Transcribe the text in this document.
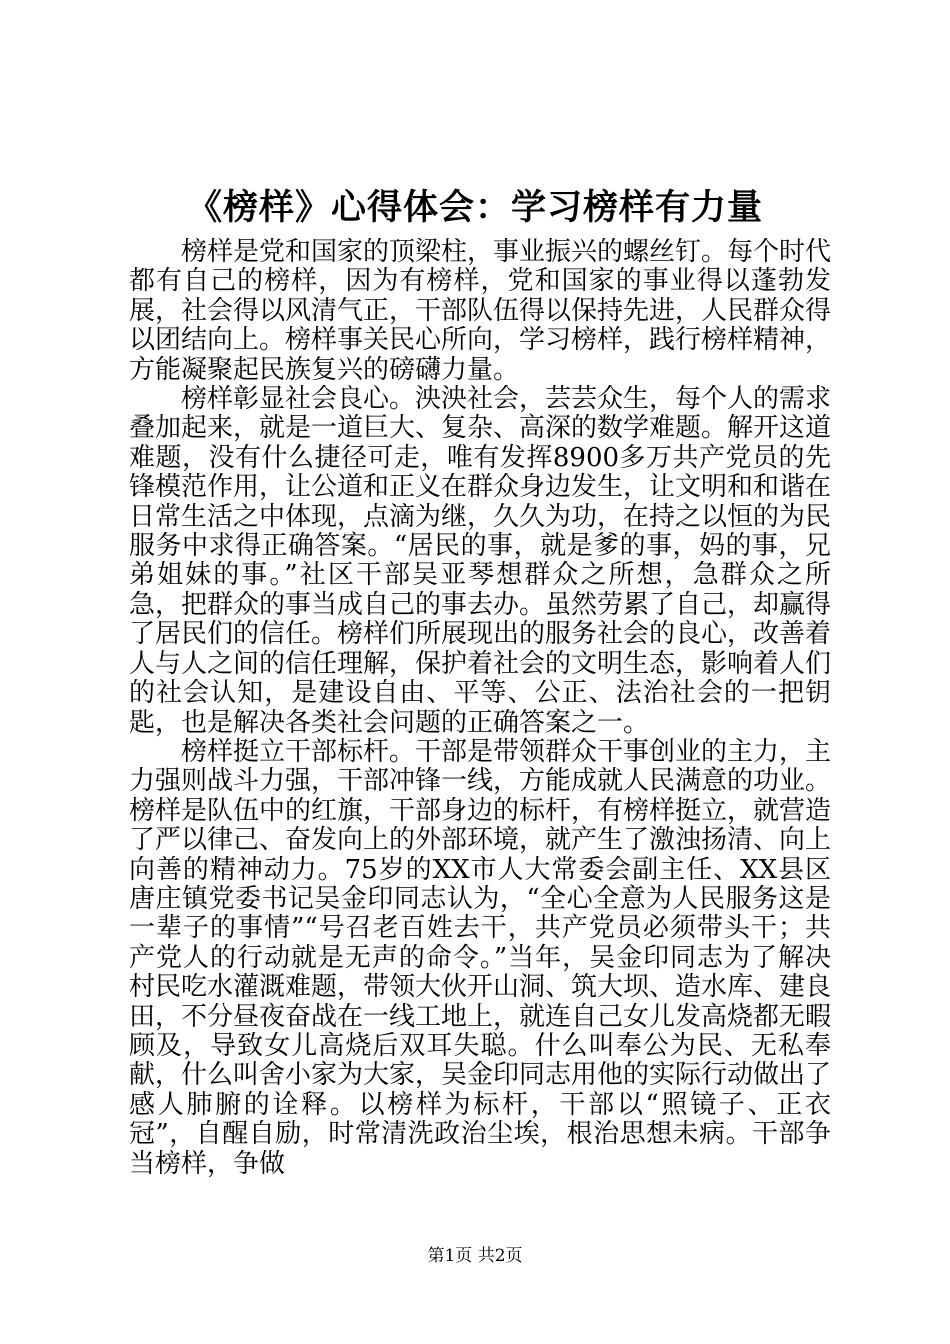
《榜样》心得体会：学习榜样有力量

榜样是党和国家的顶梁柱，事业振兴的螺丝钉。每个时代都有自己的榜样，因为有榜样，党和国家的事业得以蓬勃发展，社会得以风清气正，干部队伍得以保持先进，人民群众得以团结向上。榜样事关民心所向，学习榜样，践行榜样精神，方能凝聚起民族复兴的磅礴力量。

榜样彰显社会良心。泱泱社会，芸芸众生，每个人的需求叠加起来，就是一道巨大、复杂、高深的数学难题。解开这道难题，没有什么捷径可走，唯有发挥8900多万共产党员的先锋模范作用，让公道和正义在群众身边发生，让文明和和谐在日常生活之中体现，点滴为继，久久为功，在持之以恒的为民服务中求得正确答案。“居民的事，就是爹的事，妈的事，兄弟姐妹的事。”社区干部吴亚琴想群众之所想，急群众之所急，把群众的事当成自己的事去办。虽然劳累了自己，却赢得了居民们的信任。榜样们所展现出的服务社会的良心，改善着人与人之间的信任理解，保护着社会的文明生态，影响着人们的社会认知，是建设自由、平等、公正、法治社会的一把钥匙，也是解决各类社会问题的正确答案之一。

榜样挺立干部标杆。干部是带领群众干事创业的主力，主力强则战斗力强，干部冲锋一线，方能成就人民满意的功业。榜样是队伍中的红旗，干部身边的标杆，有榜样挺立，就营造了严以律己、奋发向上的外部环境，就产生了激浊扬清、向上向善的精神动力。75岁的XX市人大常委会副主任、XX县区唐庄镇党委书记吴金印同志认为，“全心全意为人民服务这是一辈子的事情”“号召老百姓去干，共产党员必须带头干；共产党人的行动就是无声的命令。”当年，吴金印同志为了解决村民吃水灌溉难题，带领大伙开山洞、筑大坝、造水库、建良田，不分昼夜奋战在一线工地上，就连自己女儿发高烧都无暇顾及，导致女儿高烧后双耳失聪。什么叫奉公为民、无私奉献，什么叫舍小家为大家，吴金印同志用他的实际行动做出了感人肺腑的诠释。以榜样为标杆，干部以“照镜子、正衣冠”，自醒自励，时常清洗政治尘埃，根治思想未病。干部争当榜样，争做

第1页 共2页
